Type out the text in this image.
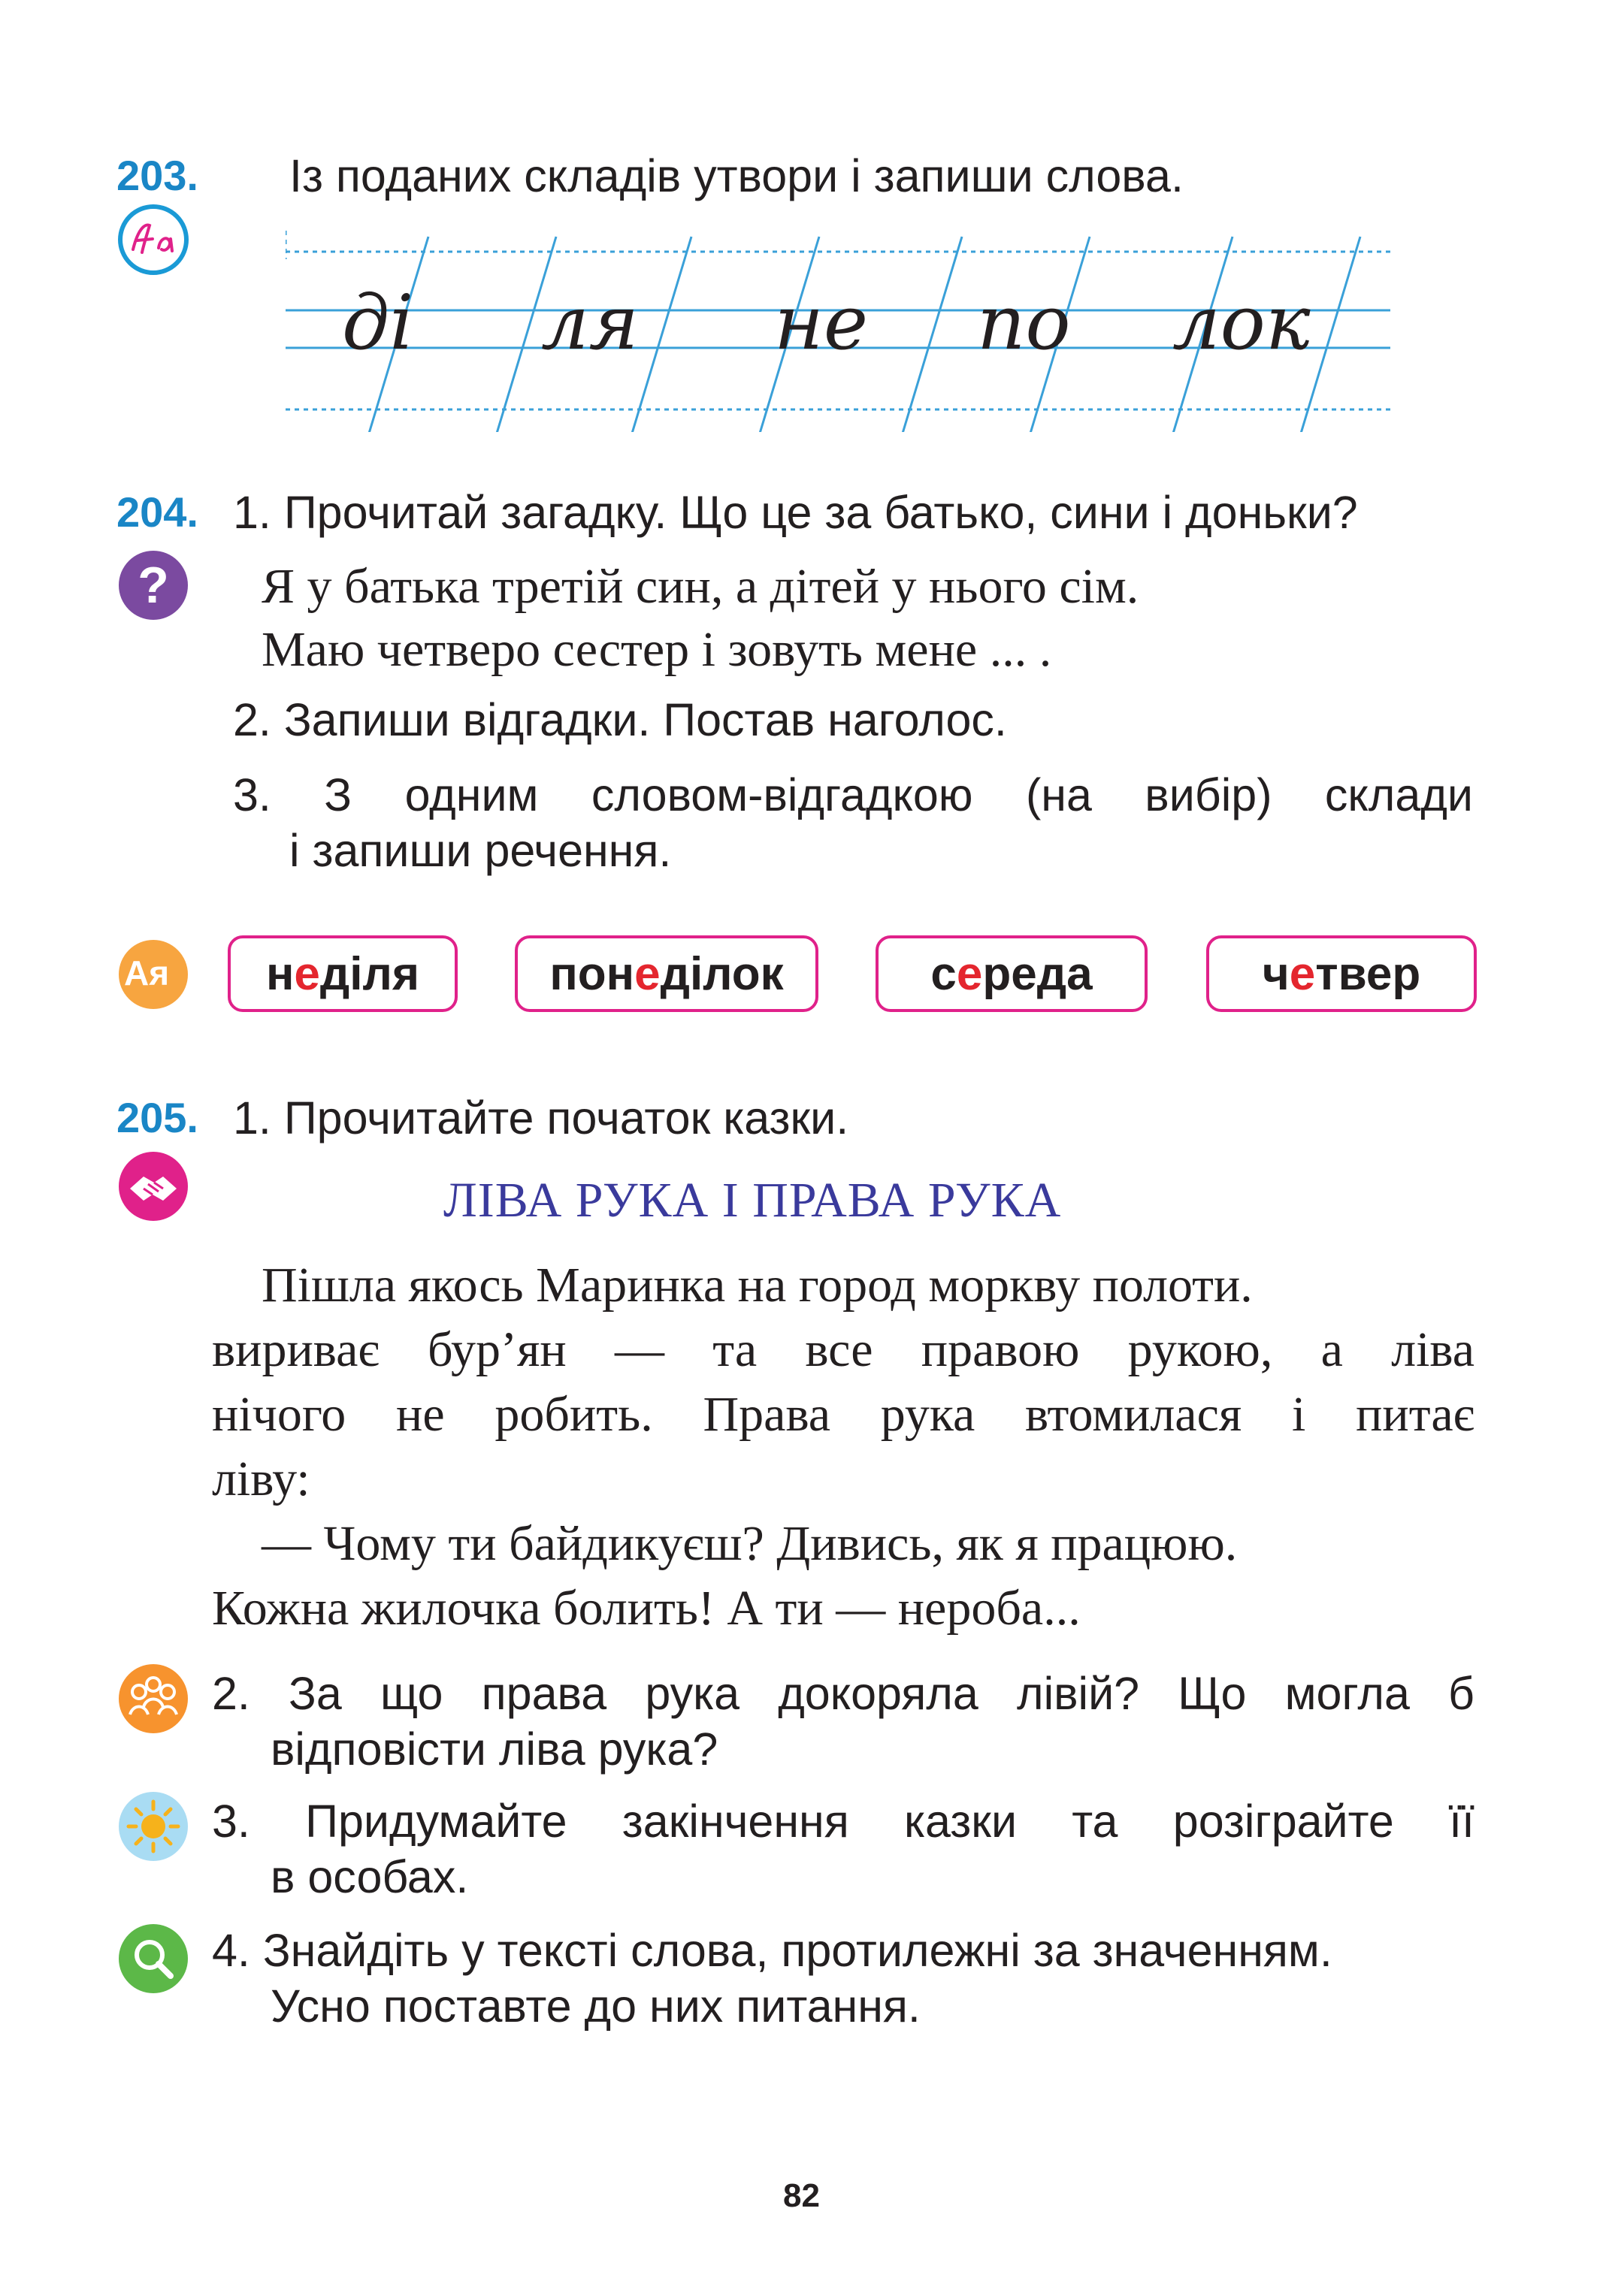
203. Із поданих складів утвори і запиши слова.
ді ля не по лок
204.
?
1. Прочитай загадку. Що це за батько, сини і доньки?
Я у батька третій син, а дітей у нього сім.
Маю четверо сестер і зовуть мене ... .
2. Запиши відгадки. Постав наголос.
3. З одним словом-відгадкою (на вибір) склади
і запиши речення.
Ая н е діля	пон е ділок	с е реда	ч е твер
205. 1. Прочитайте початок казки.
ЛІВА РУКА І ПРАВА РУКА
Пішла якось Маринка на город моркву полоти.
вириває бур’ян — та все правою рукою, а ліва
нічого не робить. Права рука втомилася і питає
ліву:
— Чому ти байдикуєш? Дивись, як я працюю.
Кожна жилочка болить! А ти — нероба...
2. За що права рука докоряла лівій? Що могла б
відповісти ліва рука?
3. Придумайте закінчення казки та розіграйте її
в особах.
4. Знайдіть у тексті слова, протилежні за значенням.
Усно поставте до них питання.
82
